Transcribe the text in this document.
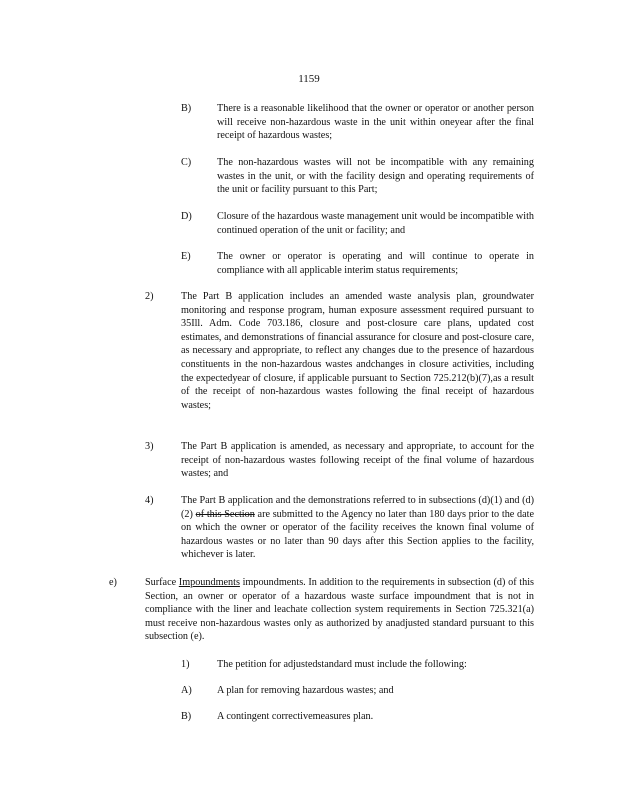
1159
B)	There is a reasonable likelihood that the owner or operator or another person will receive non-hazardous waste in the unit within oneyear after the final receipt of hazardous wastes;
C)	The non-hazardous wastes will not be incompatible with any remaining wastes in the unit, or with the facility design and operating requirements of the unit or facility pursuant to this Part;
D) Closure of the hazardous waste management unit would be incompatible with continued operation of the unit or facility; and
E)	The owner or operator is operating and will continue to operate in compliance with all applicable interim status requirements;
2)	The Part B application includes an amended waste analysis plan, groundwater monitoring and response program, human exposure assessment required pursuant to 35Ill. Adm. Code 703.186, closure and post-closure care plans, updated cost estimates, and demonstrations of financial assurance for closure and post-closure care, as necessary and appropriate, to reflect any changes due to the presence of hazardous constituents in the non-hazardous wastes andchanges in closure activities, including the expectedyear of closure, if applicable pursuant to Section 725.212(b)(7),as a result of the receipt of non-hazardous wastes following the final receipt of hazardous wastes;
3)	The Part B application is amended, as necessary and appropriate, to account for the receipt of non-hazardous wastes following receipt of the final volume of hazardous wastes; and
4)	The Part B application and the demonstrations referred to in subsections (d)(1) and (d)(2) of this Section are submitted to the Agency no later than 180 days prior to the date on which the owner or operator of the facility receives the known final volume of hazardous wastes or no later than 90 days after this Section applies to the facility, whichever is later.
e)	Surface Impoundments impoundments. In addition to the requirements in subsection (d) of this Section, an owner or operator of a hazardous waste surface impoundment that is not in compliance with the liner and leachate collection system requirements in Section 725.321(a) must receive non-hazardous wastes only as authorized by anadjusted standard pursuant to this subsection (e).
1)	The petition for adjustedstandard must include the following:
A) A plan for removing hazardous wastes; and
B)	A contingent correctivemeasures plan.
